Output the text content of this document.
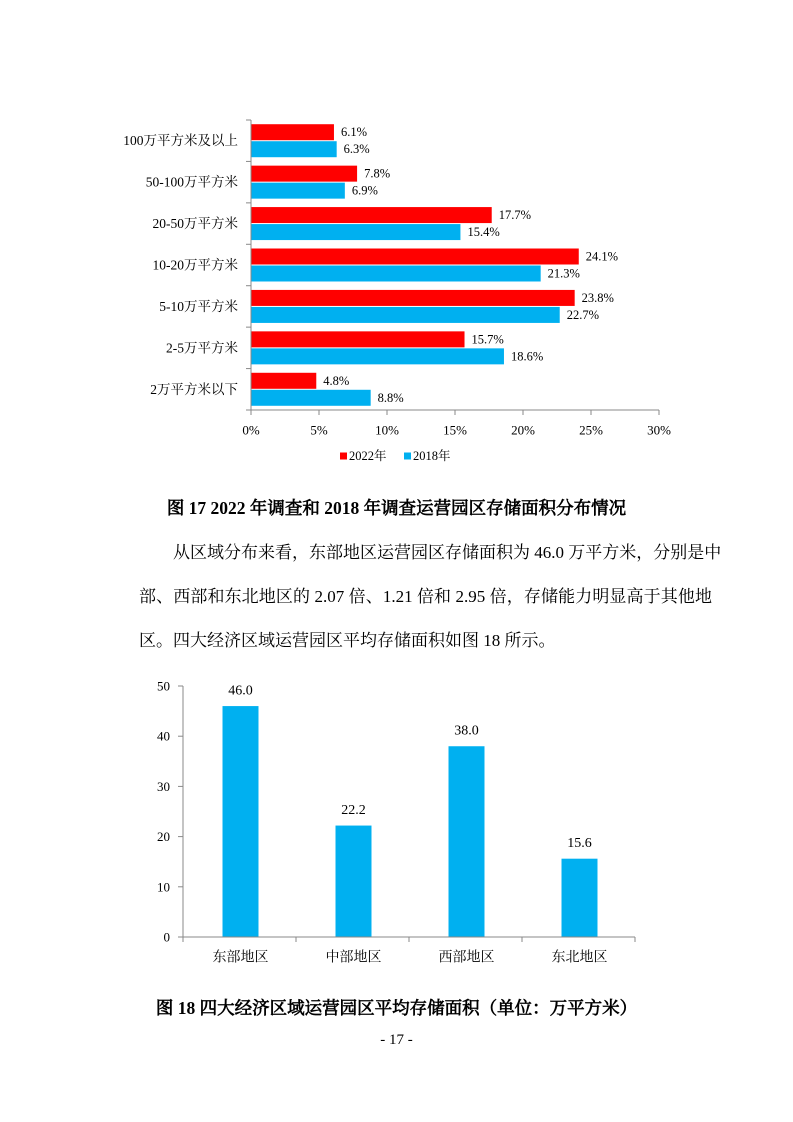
100万平方米及以上
6.1%
6.3%
50-100万平方米
7.8%
6.9%
20-50万平方米
17.7%
15.4%
10-20万平方米
24.1%
21.3%
5-10万平方米
23.8%
22.7%
2-5万平方米
15.7%
18.6%
2万平方米以下
4.8%
8.8%
0%	5%	10%	15%	20%	25%	30%
2022年 2018年
图 17 2022 年调查和 2018 年调查运营园区存储面积分布情况
从区域分布来看，东部地区运营园区存储面积为 46.0 万平方米，分别是中
部、西部和东北地区的 2.07 倍、1.21 倍和 2.95 倍，存储能力明显高于其他地
区。四大经济区域运营园区平均存储面积如图 18 所示。
46.0
东部地区
22.2
中部地区
38.0
西部地区
15.6
东北地区
0
10
20
30
40
50
图 18 四大经济区域运营园区平均存储面积（单位：万平方米）
- 17 -
